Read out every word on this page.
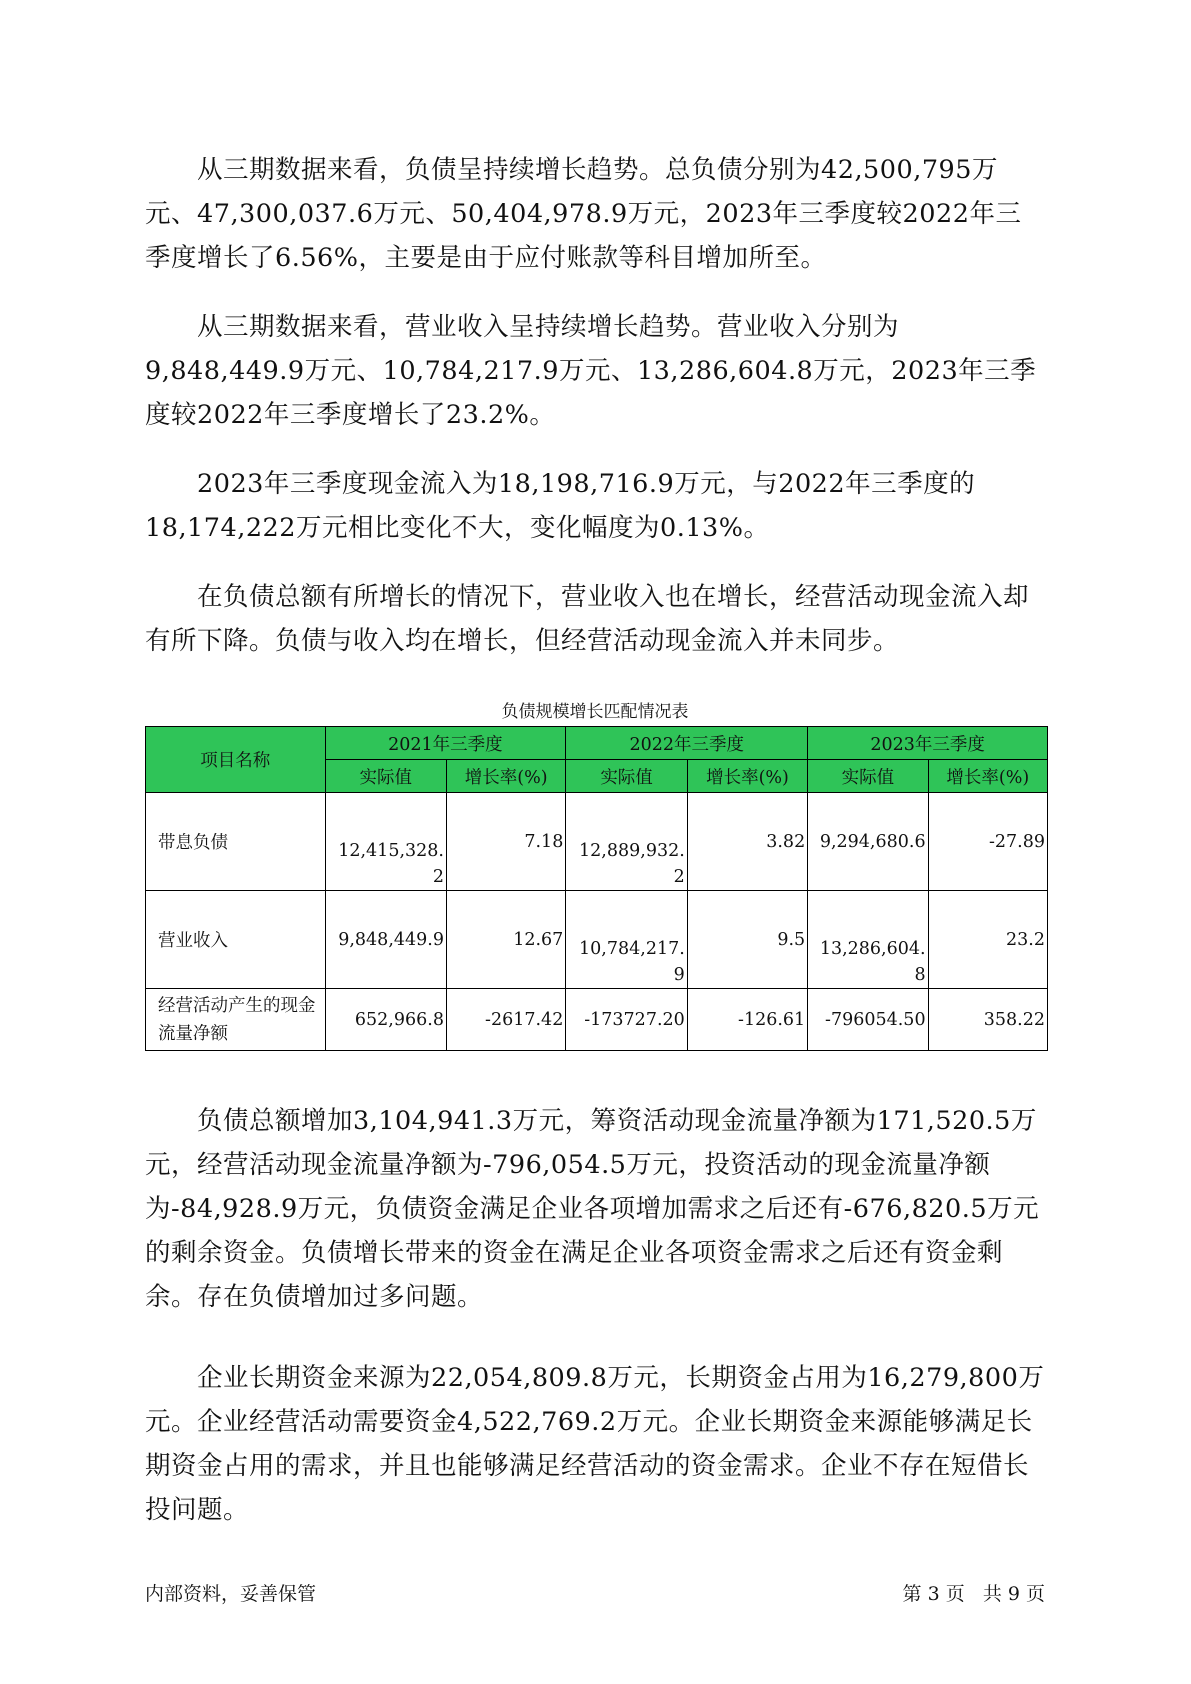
从三期数据来看，负债呈持续增长趋势。总负债分别为42,500,795万元、47,300,037.6万元、50,404,978.9万元，2023年三季度较2022年三季度增长了6.56%，主要是由于应付账款等科目增加所至。

从三期数据来看，营业收入呈持续增长趋势。营业收入分别为9,848,449.9万元、10,784,217.9万元、13,286,604.8万元，2023年三季度较2022年三季度增长了23.2%。

2023年三季度现金流入为18,198,716.9万元，与2022年三季度的18,174,222万元相比变化不大，变化幅度为0.13%。

在负债总额有所增长的情况下，营业收入也在增长，经营活动现金流入却有所下降。负债与收入均在增长，但经营活动现金流入并未同步。

负债规模增长匹配情况表
项目名称	2021年三季度		2022年三季度		2023年三季度	
	实际值	增长率(%)	实际值	增长率(%)	实际值	增长率(%)
带息负债	12,415,328.2	7.18	12,889,932.2	3.82	9,294,680.6	-27.89
营业收入	9,848,449.9	12.67	10,784,217.9	9.5	13,286,604.8	23.2
经营活动产生的现金流量净额	652,966.8	-2617.42	-173727.20	-126.61	-796054.50	358.22

负债总额增加3,104,941.3万元，筹资活动现金流量净额为171,520.5万元，经营活动现金流量净额为-796,054.5万元，投资活动的现金流量净额为-84,928.9万元，负债资金满足企业各项增加需求之后还有-676,820.5万元的剩余资金。负债增长带来的资金在满足企业各项资金需求之后还有资金剩余。存在负债增加过多问题。

企业长期资金来源为22,054,809.8万元，长期资金占用为16,279,800万元。企业经营活动需要资金4,522,769.2万元。企业长期资金来源能够满足长期资金占用的需求，并且也能够满足经营活动的资金需求。企业不存在短借长投问题。

内部资料，妥善保管	第 3 页   共 9 页
